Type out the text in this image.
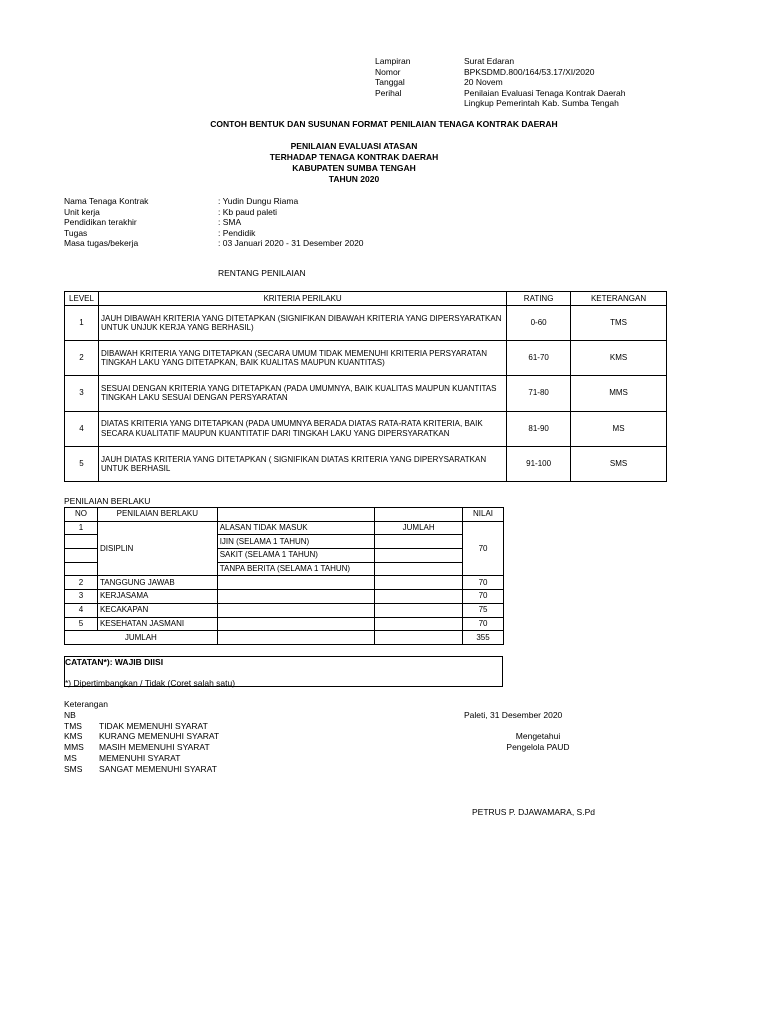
Lampiran	Surat Edaran
Nomor	BPKSDMD.800/164/53.17/XI/2020
Tanggal	20 Novem
Perihal	Penilaian Evaluasi Tenaga Kontrak Daerah
Lingkup Pemerintah Kab. Sumba Tengah
CONTOH BENTUK DAN SUSUNAN FORMAT PENILAIAN TENAGA KONTRAK DAERAH
PENILAIAN EVALUASI ATASAN
TERHADAP TENAGA KONTRAK DAERAH
KABUPATEN SUMBA TENGAH
TAHUN 2020
Nama Tenaga Kontrak	: Yudin Dungu Riama
Unit kerja	: Kb paud paleti
Pendidikan terakhir	: SMA
Tugas	: Pendidik
Masa tugas/bekerja	: 03 Januari 2020 - 31 Desember 2020
RENTANG PENILAIAN
LEVEL	KRITERIA PERILAKU	RATING	KETERANGAN
1	JAUH DIBAWAH KRITERIA YANG DITETAPKAN (SIGNIFIKAN DIBAWAH KRITERIA YANG DIPERSYARATKAN UNTUK UNJUK KERJA YANG BERHASIL)	0-60	TMS
2	DIBAWAH KRITERIA YANG DITETAPKAN (SECARA UMUM TIDAK MEMENUHI KRITERIA PERSYARATAN TINGKAH LAKU YANG DITETAPKAN, BAIK KUALITAS MAUPUN KUANTITAS)	61-70	KMS
3	SESUAI DENGAN KRITERIA YANG DITETAPKAN (PADA UMUMNYA, BAIK KUALITAS MAUPUN KUANTITAS TINGKAH LAKU SESUAI DENGAN PERSYARATAN	71-80	MMS
4	DIATAS KRITERIA YANG DITETAPKAN (PADA UMUMNYA BERADA DIATAS RATA-RATA KRITERIA, BAIK SECARA KUALITATIF MAUPUN KUANTITATIF DARI TINGKAH LAKU YANG DIPERSYARATKAN	81-90	MS
5	JAUH DIATAS KRITERIA YANG DITETAPKAN ( SIGNIFIKAN DIATAS KRITERIA YANG DIPERYSARATKAN UNTUK BERHASIL	91-100	SMS
PENILAIAN BERLAKU
NO	PENILAIAN BERLAKU			NILAI
1	DISIPLIN	ALASAN TIDAK MASUK	JUMLAH	70
		IJIN (SELAMA 1 TAHUN)		
		SAKIT (SELAMA 1 TAHUN)		
		TANPA BERITA (SELAMA 1 TAHUN)		
2	TANGGUNG JAWAB			70
3	KERJASAMA			70
4	KECAKAPAN			75
5	KESEHATAN JASMANI			70
JUMLAH				355
CATATAN*): WAJIB DIISI
*) Dipertimbangkan / Tidak (Coret salah satu)
Keterangan
NB
TMS	TIDAK MEMENUHI SYARAT
KMS	KURANG MEMENUHI SYARAT
MMS	MASIH MEMENUHI SYARAT
MS	MEMENUHI SYARAT
SMS	SANGAT MEMENUHI SYARAT
Paleti, 31 Desember 2020
Mengetahui
Pengelola PAUD
PETRUS P. DJAWAMARA, S.Pd
